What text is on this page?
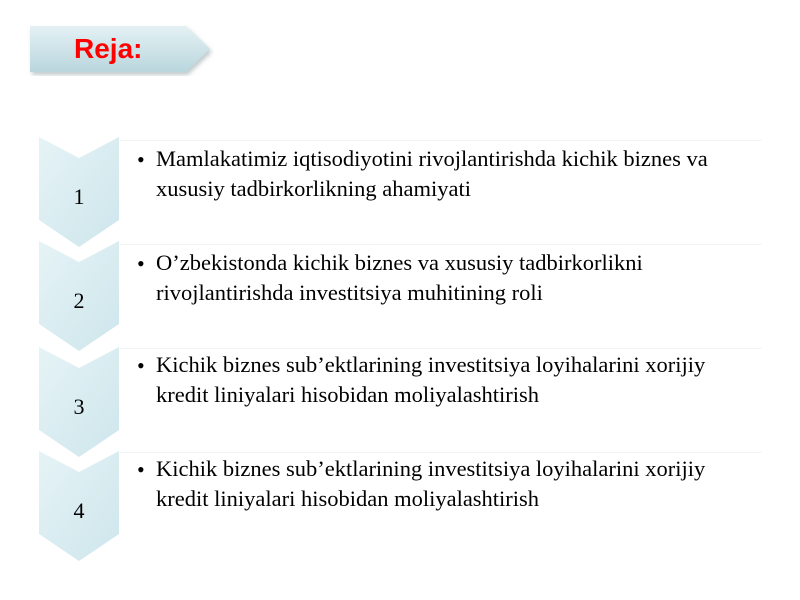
Reja:
1
• Mamlakatimiz iqtisodiyotini rivojlantirishda kichik biznes va xususiy tadbirkorlikning ahamiyati
2
• O’zbekistonda kichik biznes va xususiy tadbirkorlikni rivojlantirishda investitsiya muhitining roli
3
• Kichik biznes sub’ektlarining investitsiya loyihalarini xorijiy kredit liniyalari hisobidan moliyalashtirish
4
• Kichik biznes sub’ektlarining investitsiya loyihalarini xorijiy kredit liniyalari hisobidan moliyalashtirish
